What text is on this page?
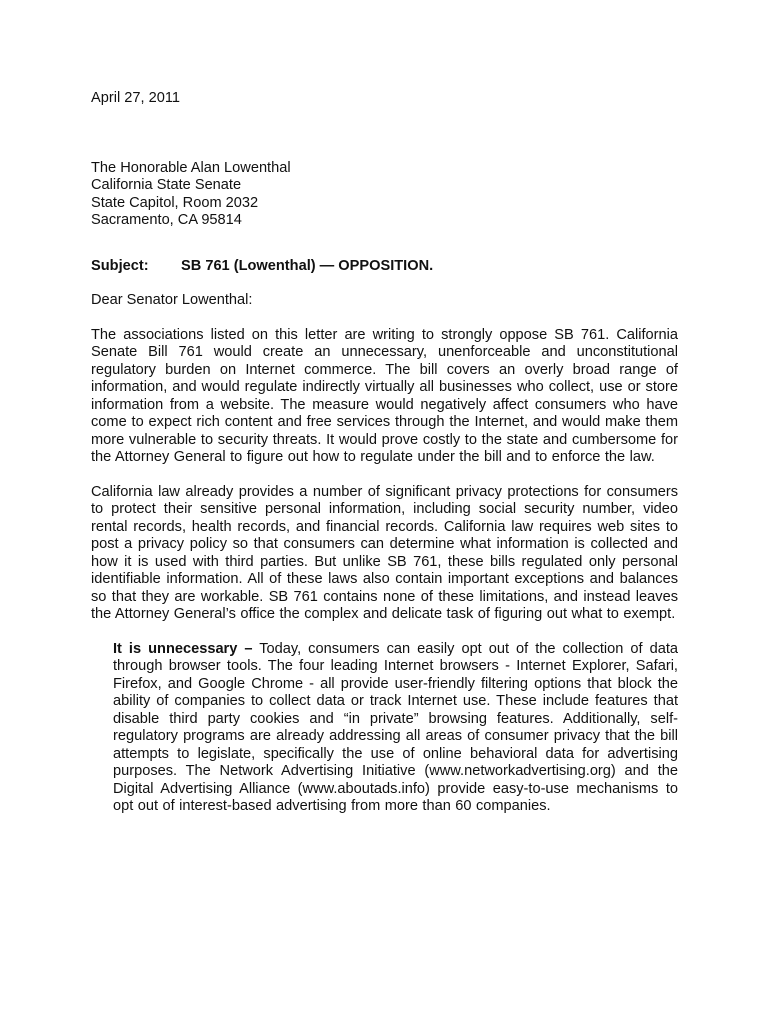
April 27, 2011
The Honorable Alan Lowenthal
California State Senate
State Capitol, Room 2032
Sacramento, CA 95814
Subject:	SB 761 (Lowenthal) — OPPOSITION.
Dear Senator Lowenthal:
The associations listed on this letter are writing to strongly oppose SB 761. California Senate Bill 761 would create an unnecessary, unenforceable and unconstitutional regulatory burden on Internet commerce. The bill covers an overly broad range of information, and would regulate indirectly virtually all businesses who collect, use or store information from a website. The measure would negatively affect consumers who have come to expect rich content and free services through the Internet, and would make them more vulnerable to security threats. It would prove costly to the state and cumbersome for the Attorney General to figure out how to regulate under the bill and to enforce the law.
California law already provides a number of significant privacy protections for consumers to protect their sensitive personal information, including social security number, video rental records, health records, and financial records. California law requires web sites to post a privacy policy so that consumers can determine what information is collected and how it is used with third parties. But unlike SB 761, these bills regulated only personal identifiable information. All of these laws also contain important exceptions and balances so that they are workable. SB 761 contains none of these limitations, and instead leaves the Attorney General’s office the complex and delicate task of figuring out what to exempt.
It is unnecessary – Today, consumers can easily opt out of the collection of data through browser tools. The four leading Internet browsers - Internet Explorer, Safari, Firefox, and Google Chrome - all provide user-friendly filtering options that block the ability of companies to collect data or track Internet use. These include features that disable third party cookies and “in private” browsing features. Additionally, self-regulatory programs are already addressing all areas of consumer privacy that the bill attempts to legislate, specifically the use of online behavioral data for advertising purposes. The Network Advertising Initiative (www.networkadvertising.org) and the Digital Advertising Alliance (www.aboutads.info) provide easy-to-use mechanisms to opt out of interest-based advertising from more than 60 companies.
